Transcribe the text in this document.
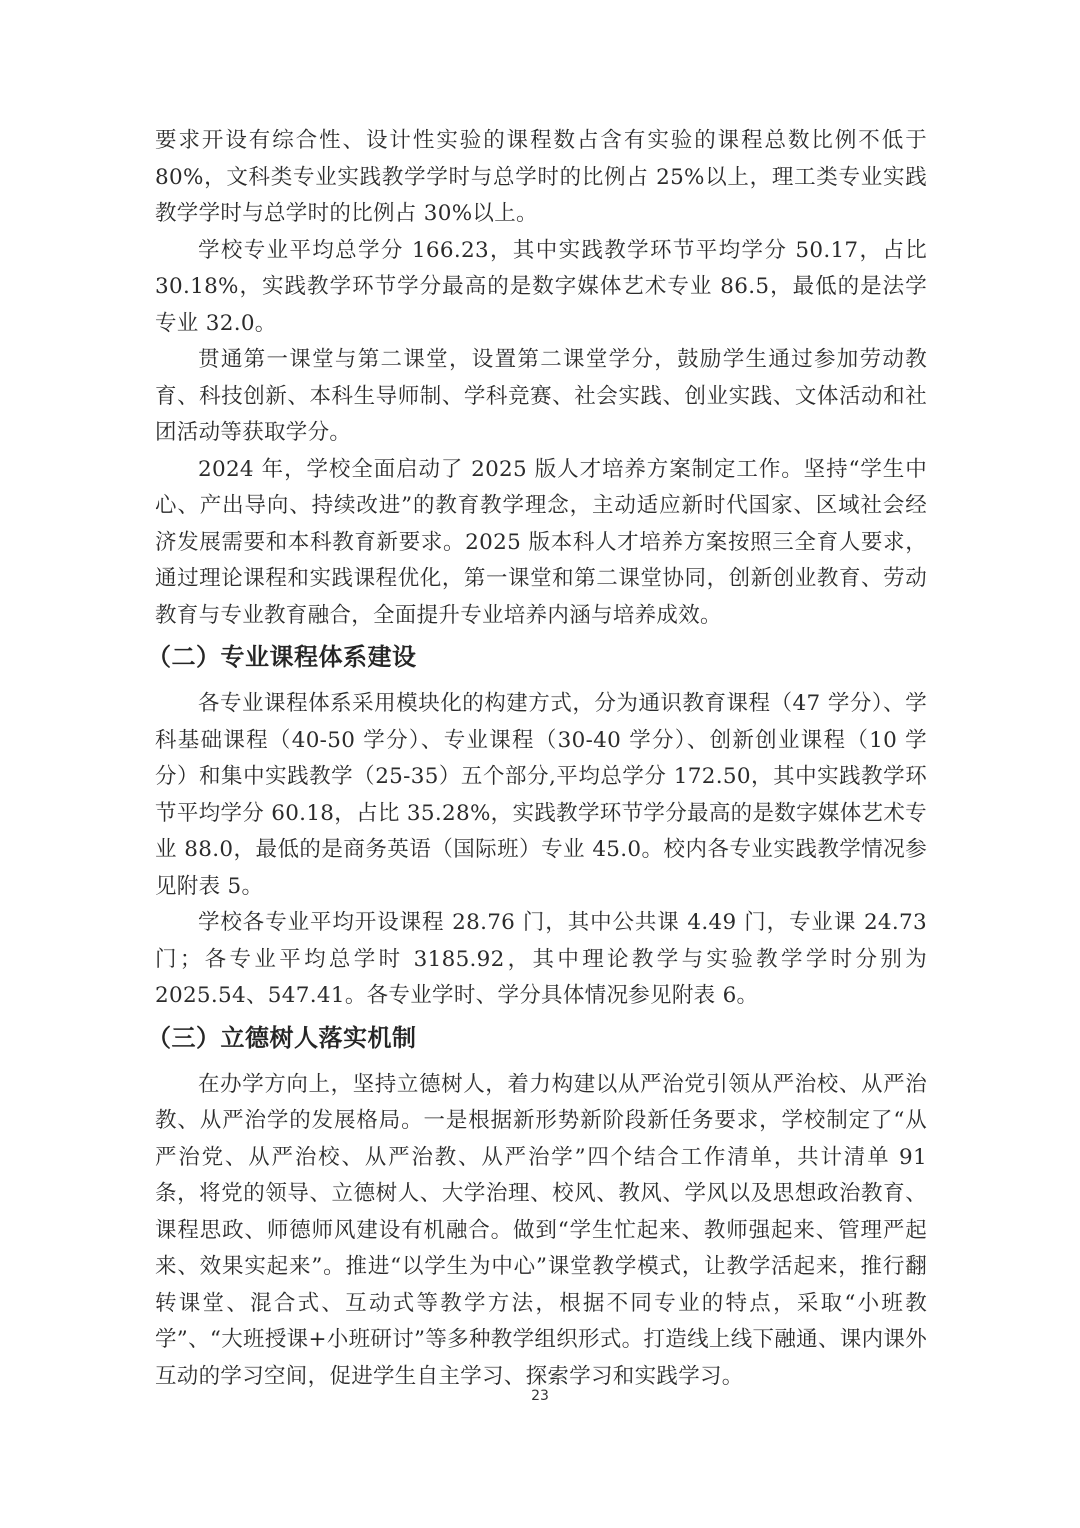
要求开设有综合性、设计性实验的课程数占含有实验的课程总数比例不低于 80%，文科类专业实践教学学时与总学时的比例占 25%以上，理工类专业实践教学学时与总学时的比例占 30%以上。

学校专业平均总学分 166.23，其中实践教学环节平均学分 50.17，占比 30.18%，实践教学环节学分最高的是数字媒体艺术专业 86.5，最低的是法学专业 32.0。

贯通第一课堂与第二课堂，设置第二课堂学分，鼓励学生通过参加劳动教育、科技创新、本科生导师制、学科竞赛、社会实践、创业实践、文体活动和社团活动等获取学分。

2024 年，学校全面启动了 2025 版人才培养方案制定工作。坚持“学生中心、产出导向、持续改进”的教育教学理念，主动适应新时代国家、区域社会经济发展需要和本科教育新要求。2025 版本科人才培养方案按照三全育人要求，通过理论课程和实践课程优化，第一课堂和第二课堂协同，创新创业教育、劳动教育与专业教育融合，全面提升专业培养内涵与培养成效。

（二）专业课程体系建设

各专业课程体系采用模块化的构建方式，分为通识教育课程（47 学分）、学科基础课程（40-50 学分）、专业课程（30-40 学分）、创新创业课程（10 学分）和集中实践教学（25-35）五个部分,平均总学分 172.50，其中实践教学环节平均学分 60.18，占比 35.28%，实践教学环节学分最高的是数字媒体艺术专业 88.0，最低的是商务英语（国际班）专业 45.0。校内各专业实践教学情况参见附表 5。

学校各专业平均开设课程 28.76 门，其中公共课 4.49 门，专业课 24.73 门；各专业平均总学时 3185.92，其中理论教学与实验教学学时分别为 2025.54、547.41。各专业学时、学分具体情况参见附表 6。

（三）立德树人落实机制

在办学方向上，坚持立德树人，着力构建以从严治党引领从严治校、从严治教、从严治学的发展格局。一是根据新形势新阶段新任务要求，学校制定了“从严治党、从严治校、从严治教、从严治学”四个结合工作清单，共计清单 91 条，将党的领导、立德树人、大学治理、校风、教风、学风以及思想政治教育、课程思政、师德师风建设有机融合。做到“学生忙起来、教师强起来、管理严起来、效果实起来”。推进“以学生为中心”课堂教学模式，让教学活起来，推行翻转课堂、混合式、互动式等教学方法，根据不同专业的特点，采取“小班教学”、“大班授课+小班研讨”等多种教学组织形式。打造线上线下融通、课内课外互动的学习空间，促进学生自主学习、探索学习和实践学习。

23
